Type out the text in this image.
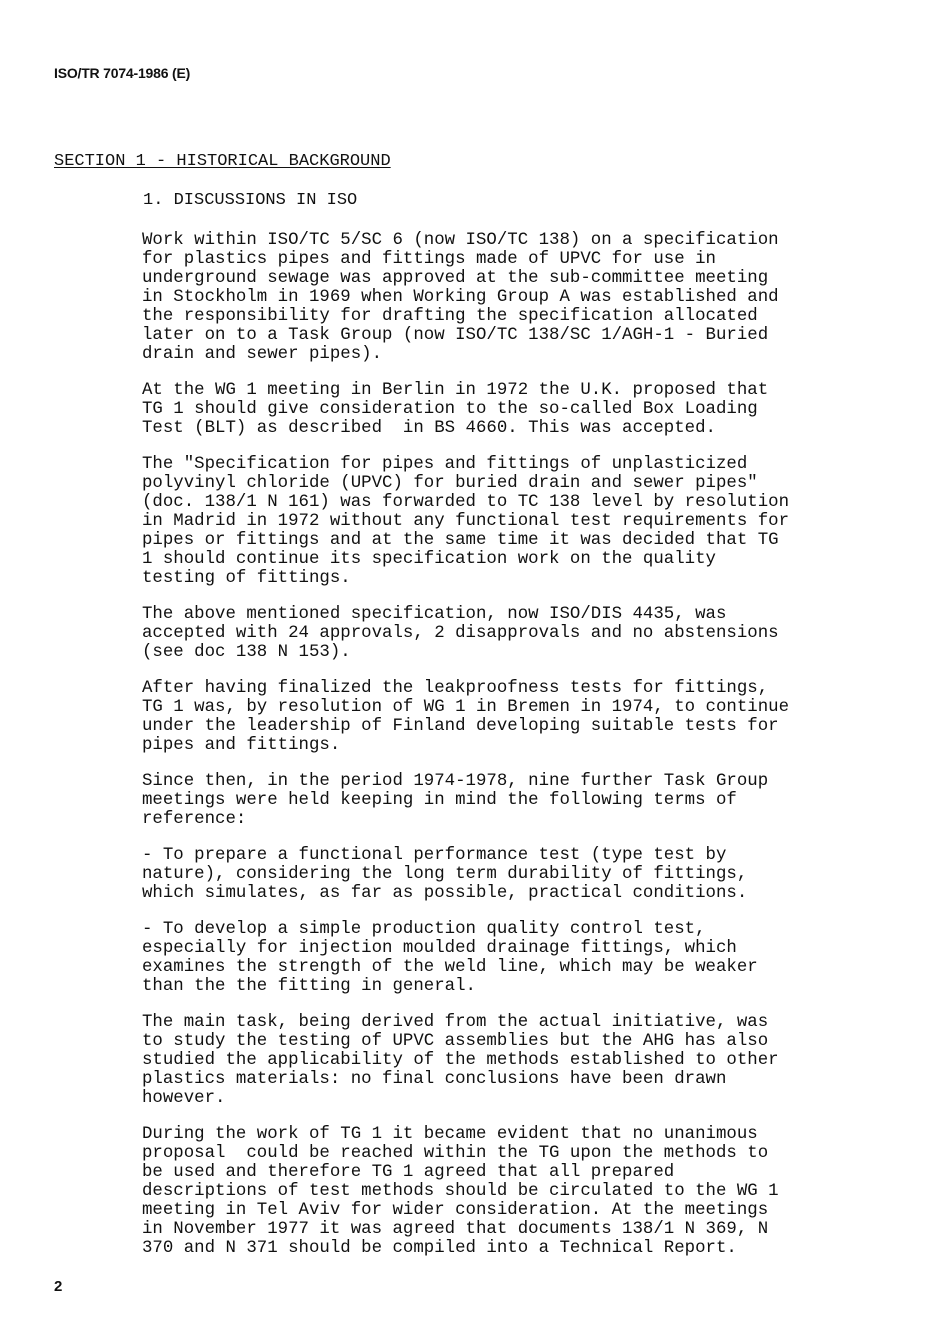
ISO/TR 7074-1986 (E)
SECTION 1 - HISTORICAL BACKGROUND
1. DISCUSSIONS IN ISO

Work within ISO/TC 5/SC 6 (now ISO/TC 138) on a specification
for plastics pipes and fittings made of UPVC for use in
underground sewage was approved at the sub-committee meeting
in Stockholm in 1969 when Working Group A was established and
the responsibility for drafting the specification allocated
later on to a Task Group (now ISO/TC 138/SC 1/AGH-1 - Buried
drain and sewer pipes).

At the WG 1 meeting in Berlin in 1972 the U.K. proposed that
TG 1 should give consideration to the so-called Box Loading
Test (BLT) as described  in BS 4660. This was accepted.

The "Specification for pipes and fittings of unplasticized
polyvinyl chloride (UPVC) for buried drain and sewer pipes"
(doc. 138/1 N 161) was forwarded to TC 138 level by resolution
in Madrid in 1972 without any functional test requirements for
pipes or fittings and at the same time it was decided that TG
1 should continue its specification work on the quality
testing of fittings.

The above mentioned specification, now ISO/DIS 4435, was
accepted with 24 approvals, 2 disapprovals and no abstensions
(see doc 138 N 153).

After having finalized the leakproofness tests for fittings,
TG 1 was, by resolution of WG 1 in Bremen in 1974, to continue
under the leadership of Finland developing suitable tests for
pipes and fittings.

Since then, in the period 1974-1978, nine further Task Group
meetings were held keeping in mind the following terms of
reference:

- To prepare a functional performance test (type test by
nature), considering the long term durability of fittings,
which simulates, as far as possible, practical conditions.

- To develop a simple production quality control test,
especially for injection moulded drainage fittings, which
examines the strength of the weld line, which may be weaker
than the the fitting in general.

The main task, being derived from the actual initiative, was
to study the testing of UPVC assemblies but the AHG has also
studied the applicability of the methods established to other
plastics materials: no final conclusions have been drawn
however.

During the work of TG 1 it became evident that no unanimous
proposal  could be reached within the TG upon the methods to
be used and therefore TG 1 agreed that all prepared
descriptions of test methods should be circulated to the WG 1
meeting in Tel Aviv for wider consideration. At the meetings
in November 1977 it was agreed that documents 138/1 N 369, N
370 and N 371 should be compiled into a Technical Report.

2
